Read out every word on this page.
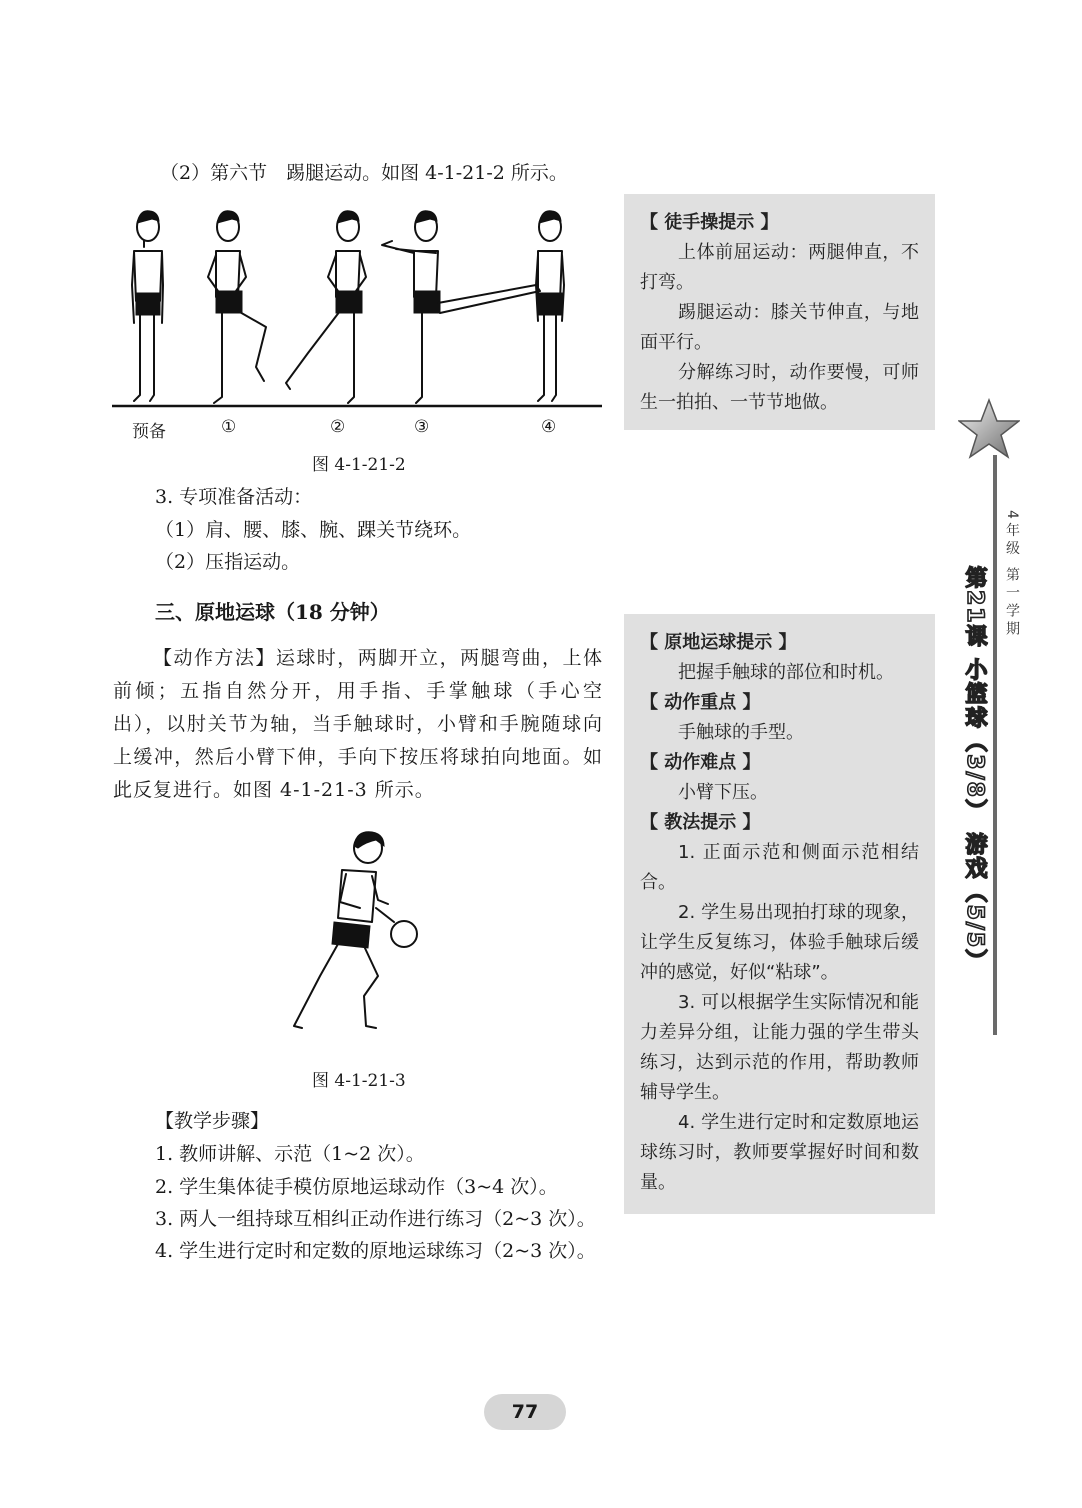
（2）第六节　踢腿运动。如图 4-1-21-2 所示。
预备	①	②	③	④
图 4-1-21-2
3. 专项准备活动：
（1）肩、腰、膝、腕、踝关节绕环。
（2）压指运动。
三、原地运球（18 分钟）
【动作方法】运球时，两脚开立，两腿弯曲，上体前倾；五指自然分开，用手指、手掌触球（手心空出），以肘关节为轴，当手触球时，小臂和手腕随球向上缓冲，然后小臂下伸，手向下按压将球拍向地面。如此反复进行。如图 4-1-21-3 所示。
图 4-1-21-3
【教学步骤】
1. 教师讲解、示范（1~2 次）。
2. 学生集体徒手模仿原地运球动作（3~4 次）。
3. 两人一组持球互相纠正动作进行练习（2~3 次）。
4. 学生进行定时和定数的原地运球练习（2~3 次）。
【 徒手操提示 】

上体前屈运动：两腿伸直，不打弯。

踢腿运动：膝关节伸直，与地面平行。

分解练习时，动作要慢，可师生一拍拍、一节节地做。

【 原地运球提示 】

把握手触球的部位和时机。

【 动作重点 】

手触球的手型。

【 动作难点 】

小臂下压。

【 教法提示 】

1. 正面示范和侧面示范相结合。

2. 学生易出现拍打球的现象，让学生反复练习，体验手触球后缓冲的感觉，好似“粘球”。

3. 可以根据学生实际情况和能力差异分组，让能力强的学生带头练习，达到示范的作用，帮助教师辅导学生。

4. 学生进行定时和定数原地运球练习时，教师要掌握好时间和数量。

4年级 第一学期
第21课 小篮球（3/8） 游戏（5/5）
77
